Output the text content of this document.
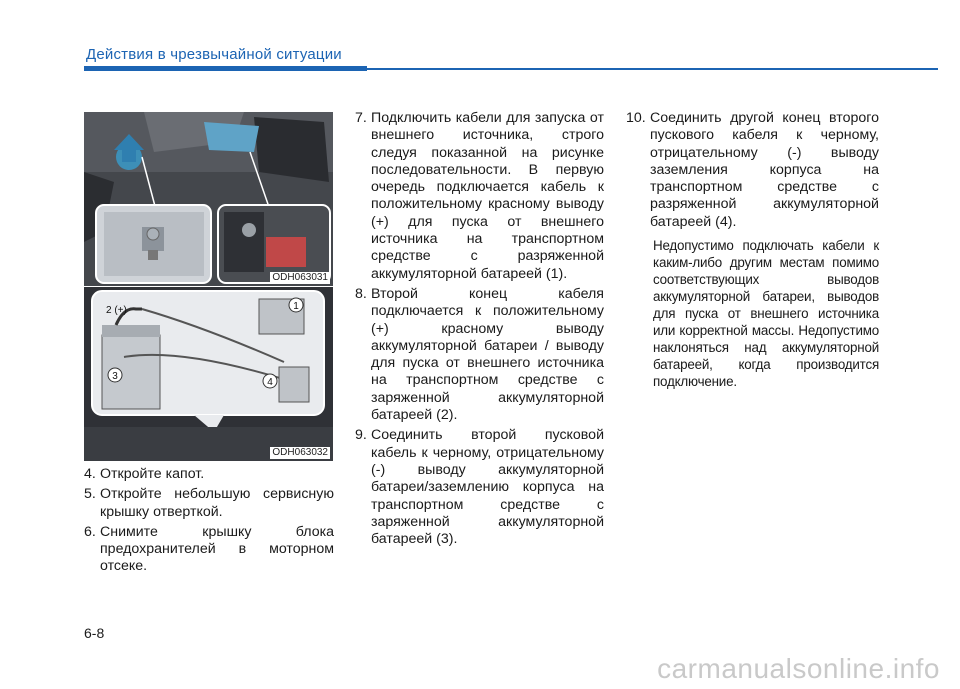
Действия в чрезвычайной ситуации
ODH063031
1
2 (+)
3
4
ODH063032
4. Откройте капот.
5. Откройте небольшую сервисную крышку отверткой.
6. Снимите крышку блока предохранителей в моторном отсеке.
7. Подключить кабели для запуска от внешнего источника, строго следуя показанной на рисунке последовательности. В первую очередь подключается кабель к положительному красному выводу (+) для пуска от внешнего источника на транспортном средстве с разряженной аккумуляторной батареей (1).
8. Второй конец кабеля подключается к положительному (+) красному выводу аккумуляторной батареи / выводу для пуска от внешнего источника на транспортном средстве с заряженной аккумуляторной батареей (2).
9. Соединить второй пусковой кабель к черному, отрицательному (-) выводу аккумуляторной батареи/заземлению корпуса на транспортном средстве с заряженной аккумуляторной батареей (3).
10. Соединить другой конец второго пускового кабеля к черному, отрицательному (-) выводу заземления корпуса на транспортном средстве с разряженной аккумуляторной батареей (4).
Недопустимо подключать кабели к каким-либо другим местам помимо соответствующих выводов аккумуляторной батареи, выводов для пуска от внешнего источника или корректной массы. Недопустимо наклоняться над аккумуляторной батареей, когда производится подключение.
6-8
carmanualsonline.info
